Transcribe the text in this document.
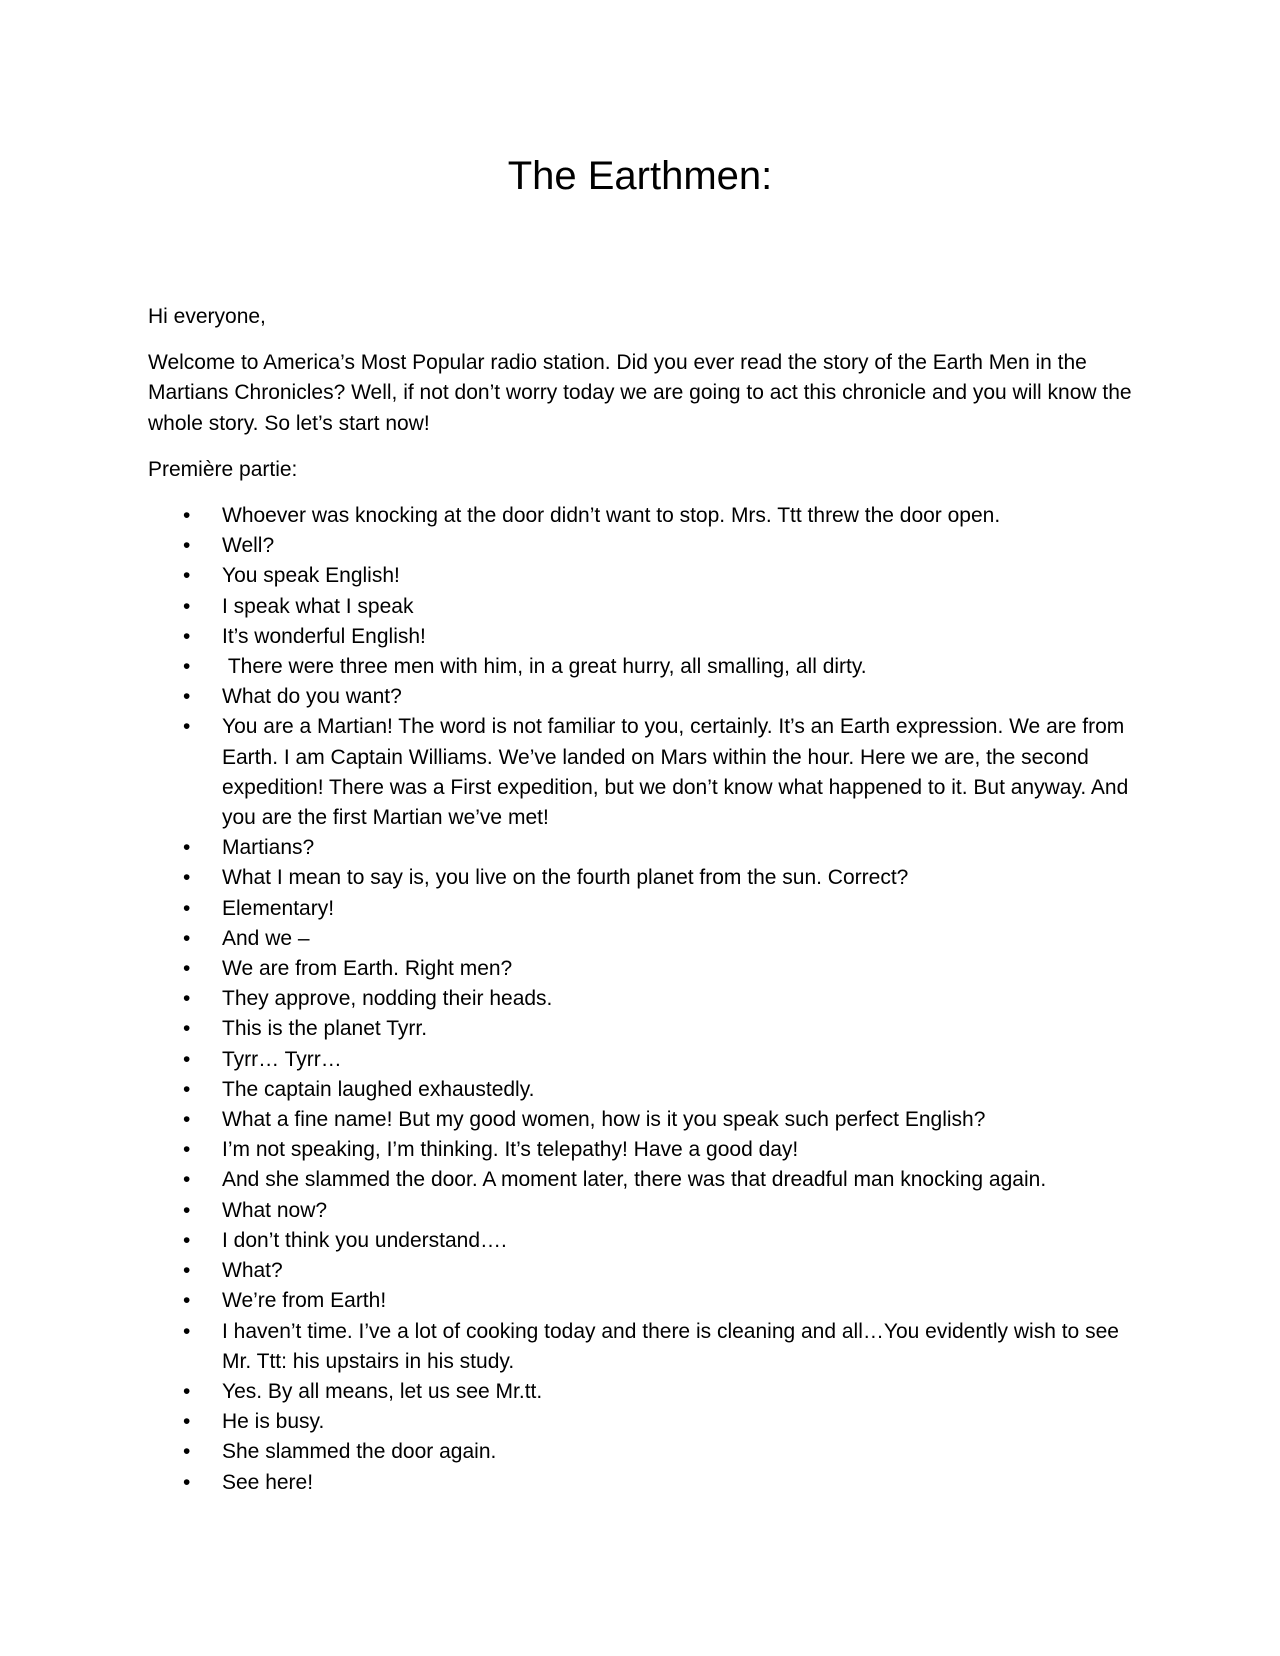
The Earthmen:

Hi everyone,

Welcome to America’s Most Popular radio station. Did you ever read the story of the Earth Men in the Martians Chronicles? Well, if not don’t worry today we are going to act this chronicle and you will know the whole story. So let’s start now!

Première partie:

• Whoever was knocking at the door didn’t want to stop. Mrs. Ttt threw the door open.
• Well?
• You speak English!
• I speak what I speak
• It’s wonderful English!
• There were three men with him, in a great hurry, all smalling, all dirty.
• What do you want?
• You are a Martian! The word is not familiar to you, certainly. It’s an Earth expression. We are from Earth. I am Captain Williams. We’ve landed on Mars within the hour. Here we are, the second expedition! There was a First expedition, but we don’t know what happened to it. But anyway. And you are the first Martian we’ve met!
• Martians?
• What I mean to say is, you live on the fourth planet from the sun. Correct?
• Elementary!
• And we –
• We are from Earth. Right men?
• They approve, nodding their heads.
• This is the planet Tyrr.
• Tyrr… Tyrr…
• The captain laughed exhaustedly.
• What a fine name! But my good women, how is it you speak such perfect English?
• I’m not speaking, I’m thinking. It’s telepathy! Have a good day!
• And she slammed the door. A moment later, there was that dreadful man knocking again.
• What now?
• I don’t think you understand….
• What?
• We’re from Earth!
• I haven’t time. I’ve a lot of cooking today and there is cleaning and all…You evidently wish to see Mr. Ttt: his upstairs in his study.
• Yes. By all means, let us see Mr.tt.
• He is busy.
• She slammed the door again.
• See here!
